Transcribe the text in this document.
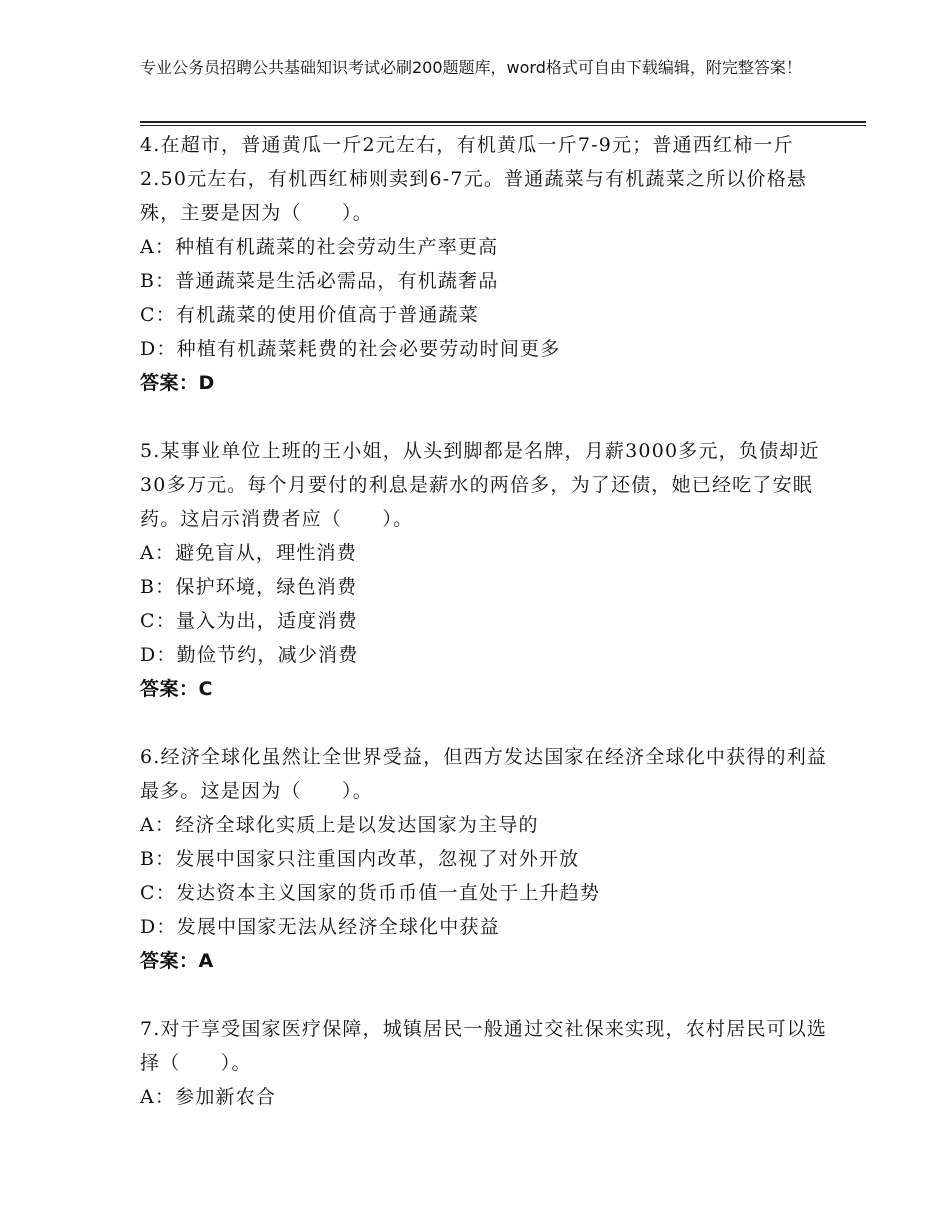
专业公务员招聘公共基础知识考试必刷200题题库，word格式可自由下载编辑，附完整答案！

4.在超市，普通黄瓜一斤2元左右，有机黄瓜一斤7-9元；普通西红柿一斤2.50元左右，有机西红柿则卖到6-7元。普通蔬菜与有机蔬菜之所以价格悬殊，主要是因为（　　）。

A：种植有机蔬菜的社会劳动生产率更高

B：普通蔬菜是生活必需品，有机蔬奢品

C：有机蔬菜的使用价值高于普通蔬菜

D：种植有机蔬菜耗费的社会必要劳动时间更多

答案：D

5.某事业单位上班的王小姐，从头到脚都是名牌，月薪3000多元，负债却近30多万元。每个月要付的利息是薪水的两倍多，为了还债，她已经吃了安眠药。这启示消费者应（　　）。

A：避免盲从，理性消费

B：保护环境，绿色消费

C：量入为出，适度消费

D：勤俭节约，减少消费

答案：C

6.经济全球化虽然让全世界受益，但西方发达国家在经济全球化中获得的利益最多。这是因为（　　）。

A：经济全球化实质上是以发达国家为主导的

B：发展中国家只注重国内改革，忽视了对外开放

C：发达资本主义国家的货币币值一直处于上升趋势

D：发展中国家无法从经济全球化中获益

答案：A

7.对于享受国家医疗保障，城镇居民一般通过交社保来实现，农村居民可以选择（　　）。

A：参加新农合
